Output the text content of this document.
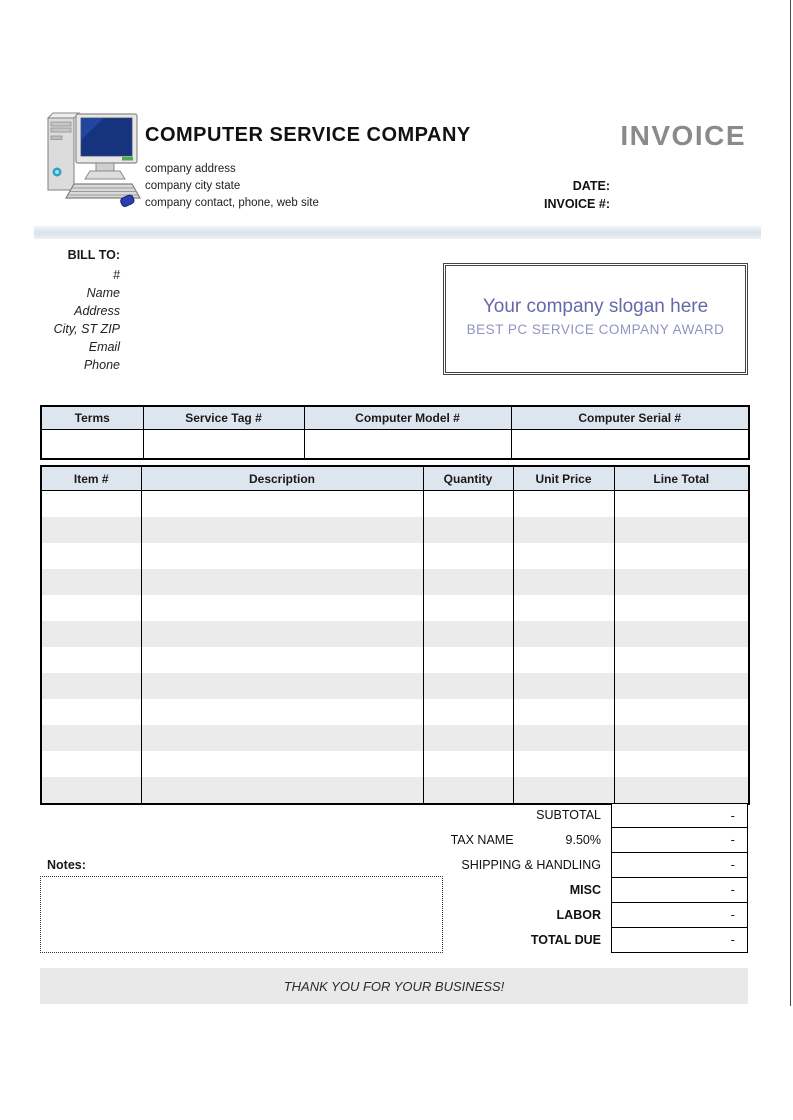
COMPUTER SERVICE COMPANY
company address
company city state
company contact, phone, web site
INVOICE
DATE:
INVOICE #:
BILL TO:
#
Name
Address
City, ST ZIP
Email
Phone
Your company slogan here
BEST PC SERVICE COMPANY AWARD
Terms	Service Tag #	Computer Model #	Computer Serial #

Item #	Description	Quantity	Unit Price	Line Total

SUBTOTAL	-
TAX NAME	9.50%	-
SHIPPING & HANDLING	-
MISC	-
LABOR	-
TOTAL DUE	-
Notes:
THANK YOU FOR YOUR BUSINESS!
